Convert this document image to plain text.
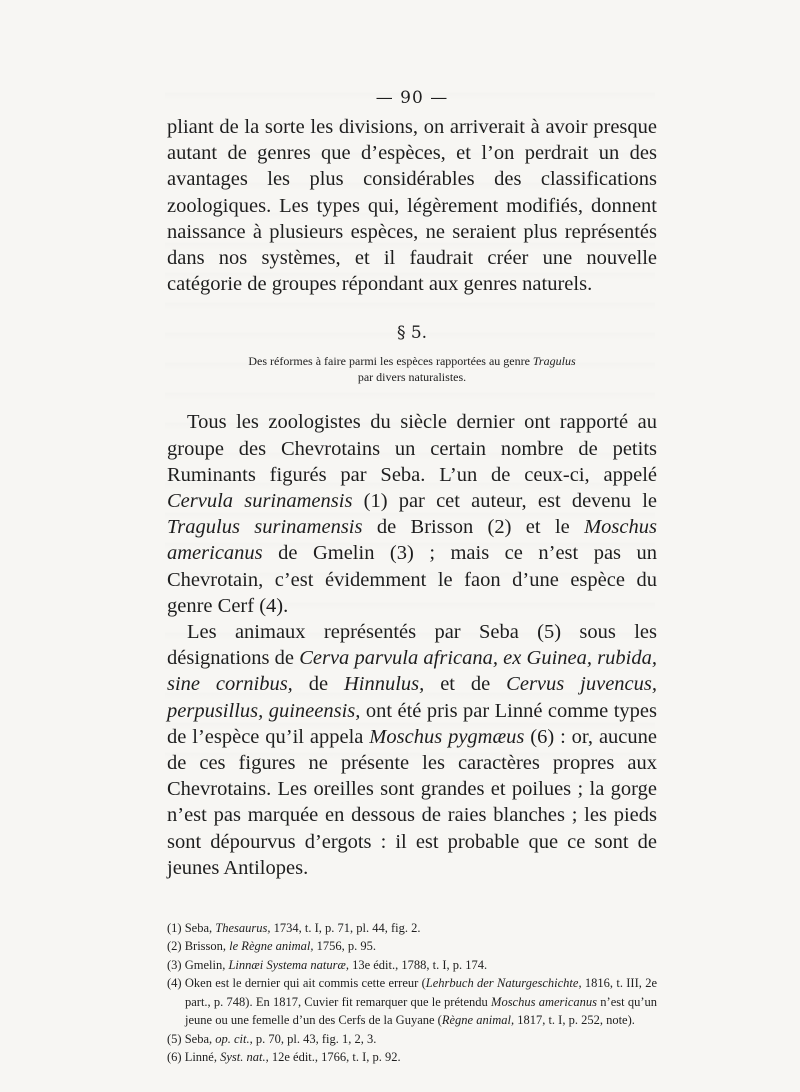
— 90 —

pliant de la sorte les divisions, on arriverait à avoir presque autant de genres que d’espèces, et l’on perdrait un des avantages les plus considérables des classifications zoologiques. Les types qui, légèrement modifiés, donnent naissance à plusieurs espèces, ne seraient plus représentés dans nos systèmes, et il faudrait créer une nouvelle catégorie de groupes répondant aux genres naturels.

§ 5.
Des réformes à faire parmi les espèces rapportées au genre Tragulus
par divers naturalistes.

Tous les zoologistes du siècle dernier ont rapporté au groupe des Chevrotains un certain nombre de petits Ruminants figurés par Seba. L’un de ceux-ci, appelé Cervula surinamensis (1) par cet auteur, est devenu le Tragulus surinamensis de Brisson (2) et le Moschus americanus de Gmelin (3) ; mais ce n’est pas un Chevrotain, c’est évidemment le faon d’une espèce du genre Cerf (4).

Les animaux représentés par Seba (5) sous les désignations de Cerva parvula africana, ex Guinea, rubida, sine cornibus, de Hinnulus, et de Cervus juvencus, perpusillus, guineensis, ont été pris par Linné comme types de l’espèce qu’il appela Moschus pygmæus (6) : or, aucune de ces figures ne présente les caractères propres aux Chevrotains. Les oreilles sont grandes et poilues ; la gorge n’est pas marquée en dessous de raies blanches ; les pieds sont dépourvus d’ergots : il est probable que ce sont de jeunes Antilopes.

(1) Seba, Thesaurus, 1734, t. I, p. 71, pl. 44, fig. 2.

(2) Brisson, le Règne animal, 1756, p. 95.

(3) Gmelin, Linnæi Systema naturæ, 13e édit., 1788, t. I, p. 174.

(4) Oken est le dernier qui ait commis cette erreur (Lehrbuch der Naturgeschichte, 1816, t. III, 2e part., p. 748). En 1817, Cuvier fit remarquer que le prétendu Moschus americanus n’est qu’un jeune ou une femelle d’un des Cerfs de la Guyane (Règne animal, 1817, t. I, p. 252, note).

(5) Seba, op. cit., p. 70, pl. 43, fig. 1, 2, 3.

(6) Linné, Syst. nat., 12e édit., 1766, t. I, p. 92.
